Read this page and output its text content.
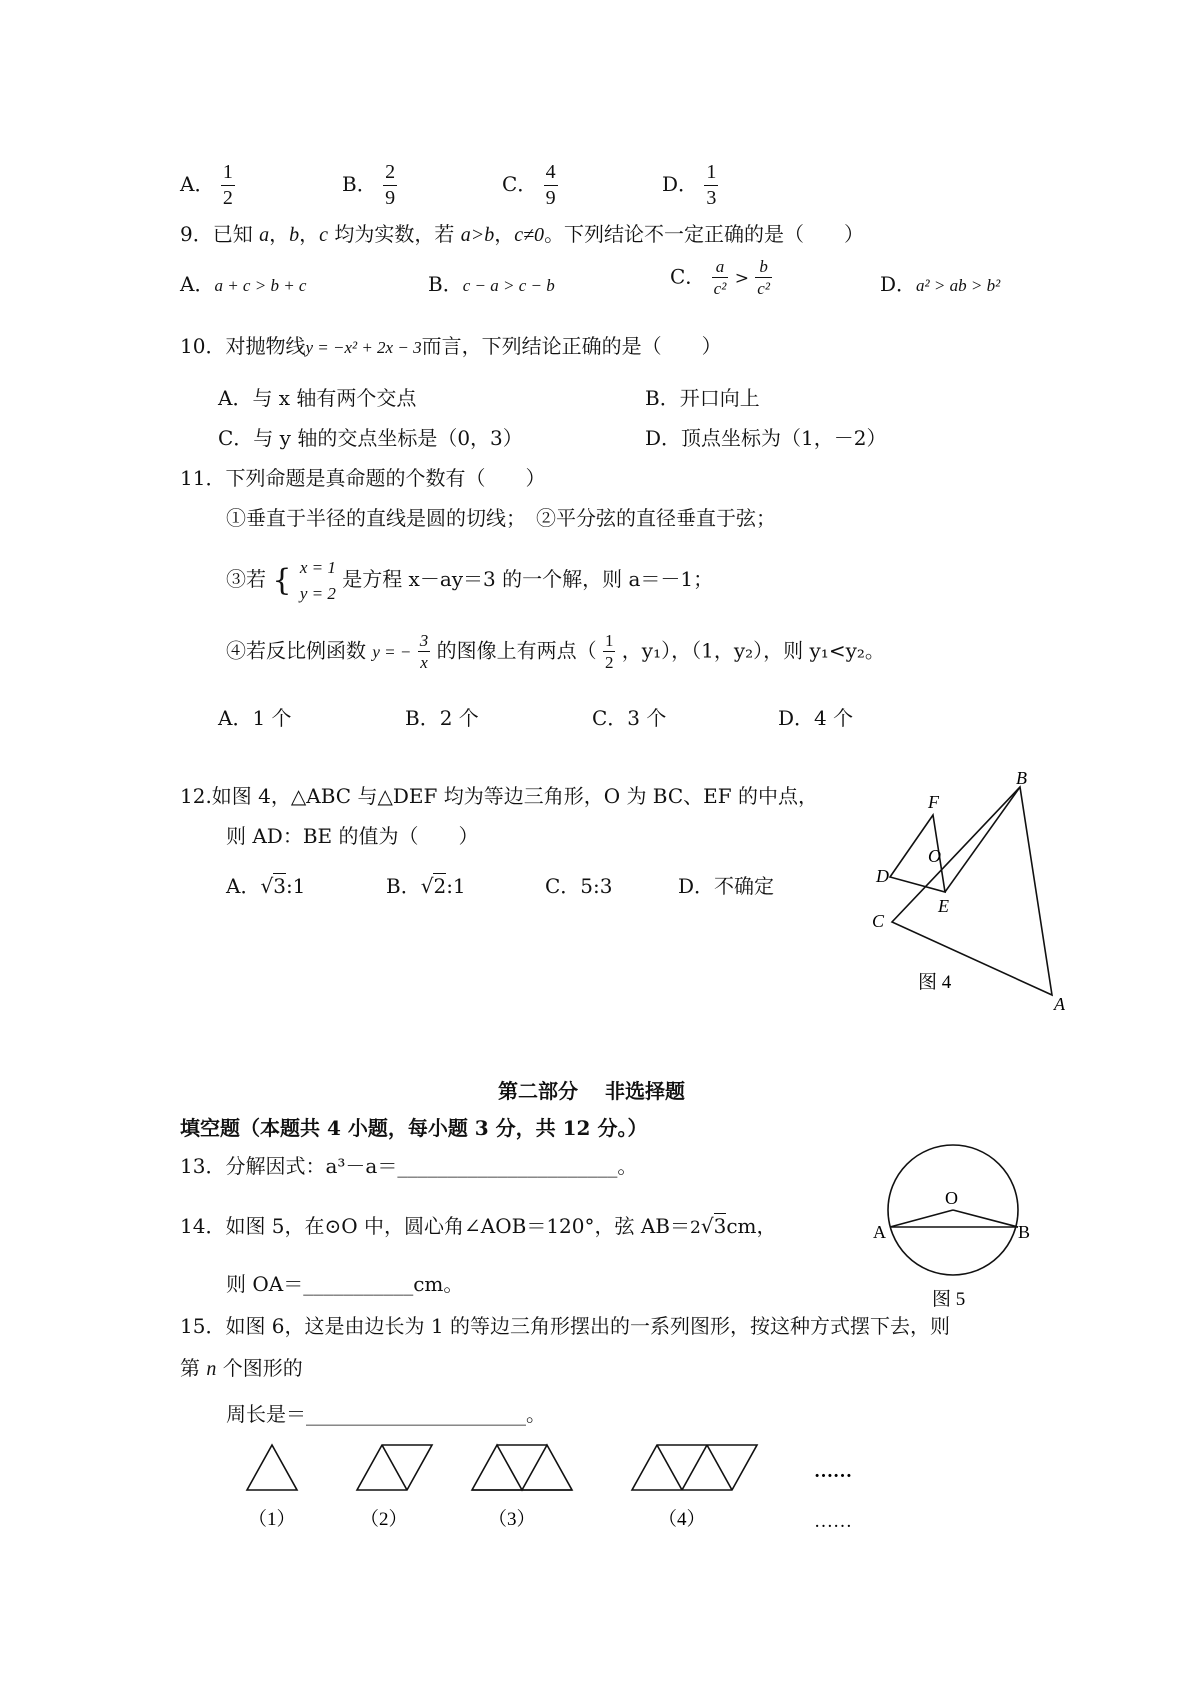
A． $\frac{1}{2}$	B． $\frac{2}{9}$	C． $\frac{4}{9}$	D． $\frac{1}{3}$
9．已知 a，b，c 均为实数，若 a>b，c≠0。下列结论不一定正确的是（　　）
A．a + c > b + c	B．c − a > c − b	C． $\frac{a}{\text{c²}} > \frac{b}{\text{c²}}$	D．a² > ab > b²
10．对抛物线y = −x² + 2x − 3而言，下列结论正确的是（　　）
A．与 x 轴有两个交点	B．开口向上
C．与 y 轴的交点坐标是（0，3）	D．顶点坐标为（1，－2）
11．下列命题是真命题的个数有（　　）
①垂直于半径的直线是圆的切线；　②平分弦的直径垂直于弦；
③若 { x = 1
y = 2
是方程 x－ay＝3 的一个解，则 a＝－1；
④若反比例函数 y = − $\frac{3}{x}$ 的图像上有两点（ $\frac{1}{2}$ ，y₁），（1，y₂），则 y₁<y₂。
A．1 个	B．2 个	C．3 个	D．4 个
12.如图 4，△ABC 与△DEF 均为等边三角形，O 为 BC、EF 的中点，
则 AD：BE 的值为（　　）
A．√3:1	B．√2:1	C．5:3	D．不确定
B
A
C
D
E
F
O
图 4
第二部分　 非选择题
填空题（本题共 4 小题，每小题 3 分，共 12 分。）
13．分解因式：a³－a＝______________________。
14．如图 5，在⊙O 中，圆心角∠AOB＝120°，弦 AB＝2√3cm，
则 OA＝___________cm。
O
A	B
图 5
15．如图 6，这是由边长为 1 的等边三角形摆出的一系列图形，按这种方式摆下去，则
第 n 个图形的
周长是＝______________________。
……
（1）	（2）	（3）	（4）	……
